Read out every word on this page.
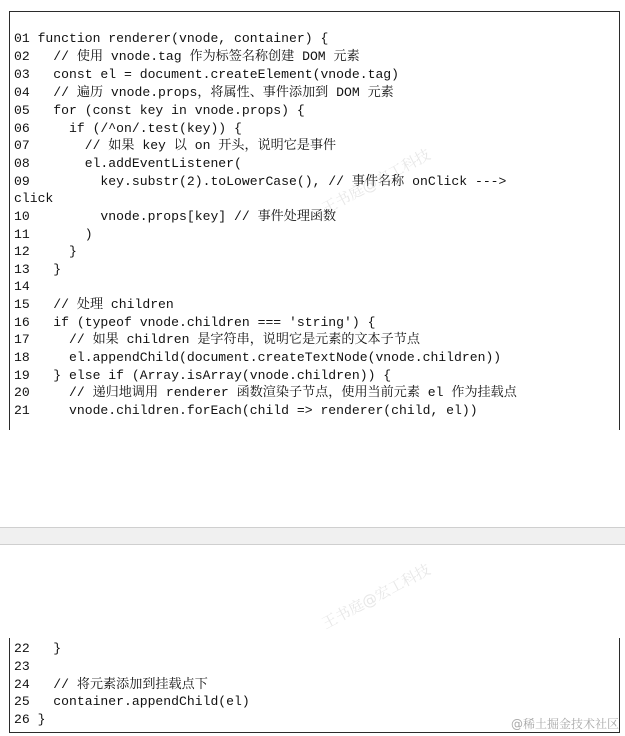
01 function renderer(vnode, container) {
02   // 使用 vnode.tag 作为标签名称创建 DOM 元素
03   const el = document.createElement(vnode.tag)
04   // 遍历 vnode.props，将属性、事件添加到 DOM 元素
05   for (const key in vnode.props) {
06     if (/^on/.test(key)) {
07       // 如果 key 以 on 开头，说明它是事件
08       el.addEventListener(
09         key.substr(2).toLowerCase(), // 事件名称 onClick --->
click
10         vnode.props[key] // 事件处理函数
11       )
12     }
13   }
14
15   // 处理 children
16   if (typeof vnode.children === 'string') {
17     // 如果 children 是字符串，说明它是元素的文本子节点
18     el.appendChild(document.createTextNode(vnode.children))
19   } else if (Array.isArray(vnode.children)) {
20     // 递归地调用 renderer 函数渲染子节点，使用当前元素 el 作为挂载点
21     vnode.children.forEach(child => renderer(child, el))
王书庭@宏工科技
王书庭@宏工科技
22   }
23
24   // 将元素添加到挂载点下
25   container.appendChild(el)
26 }	@稀土掘金技术社区
